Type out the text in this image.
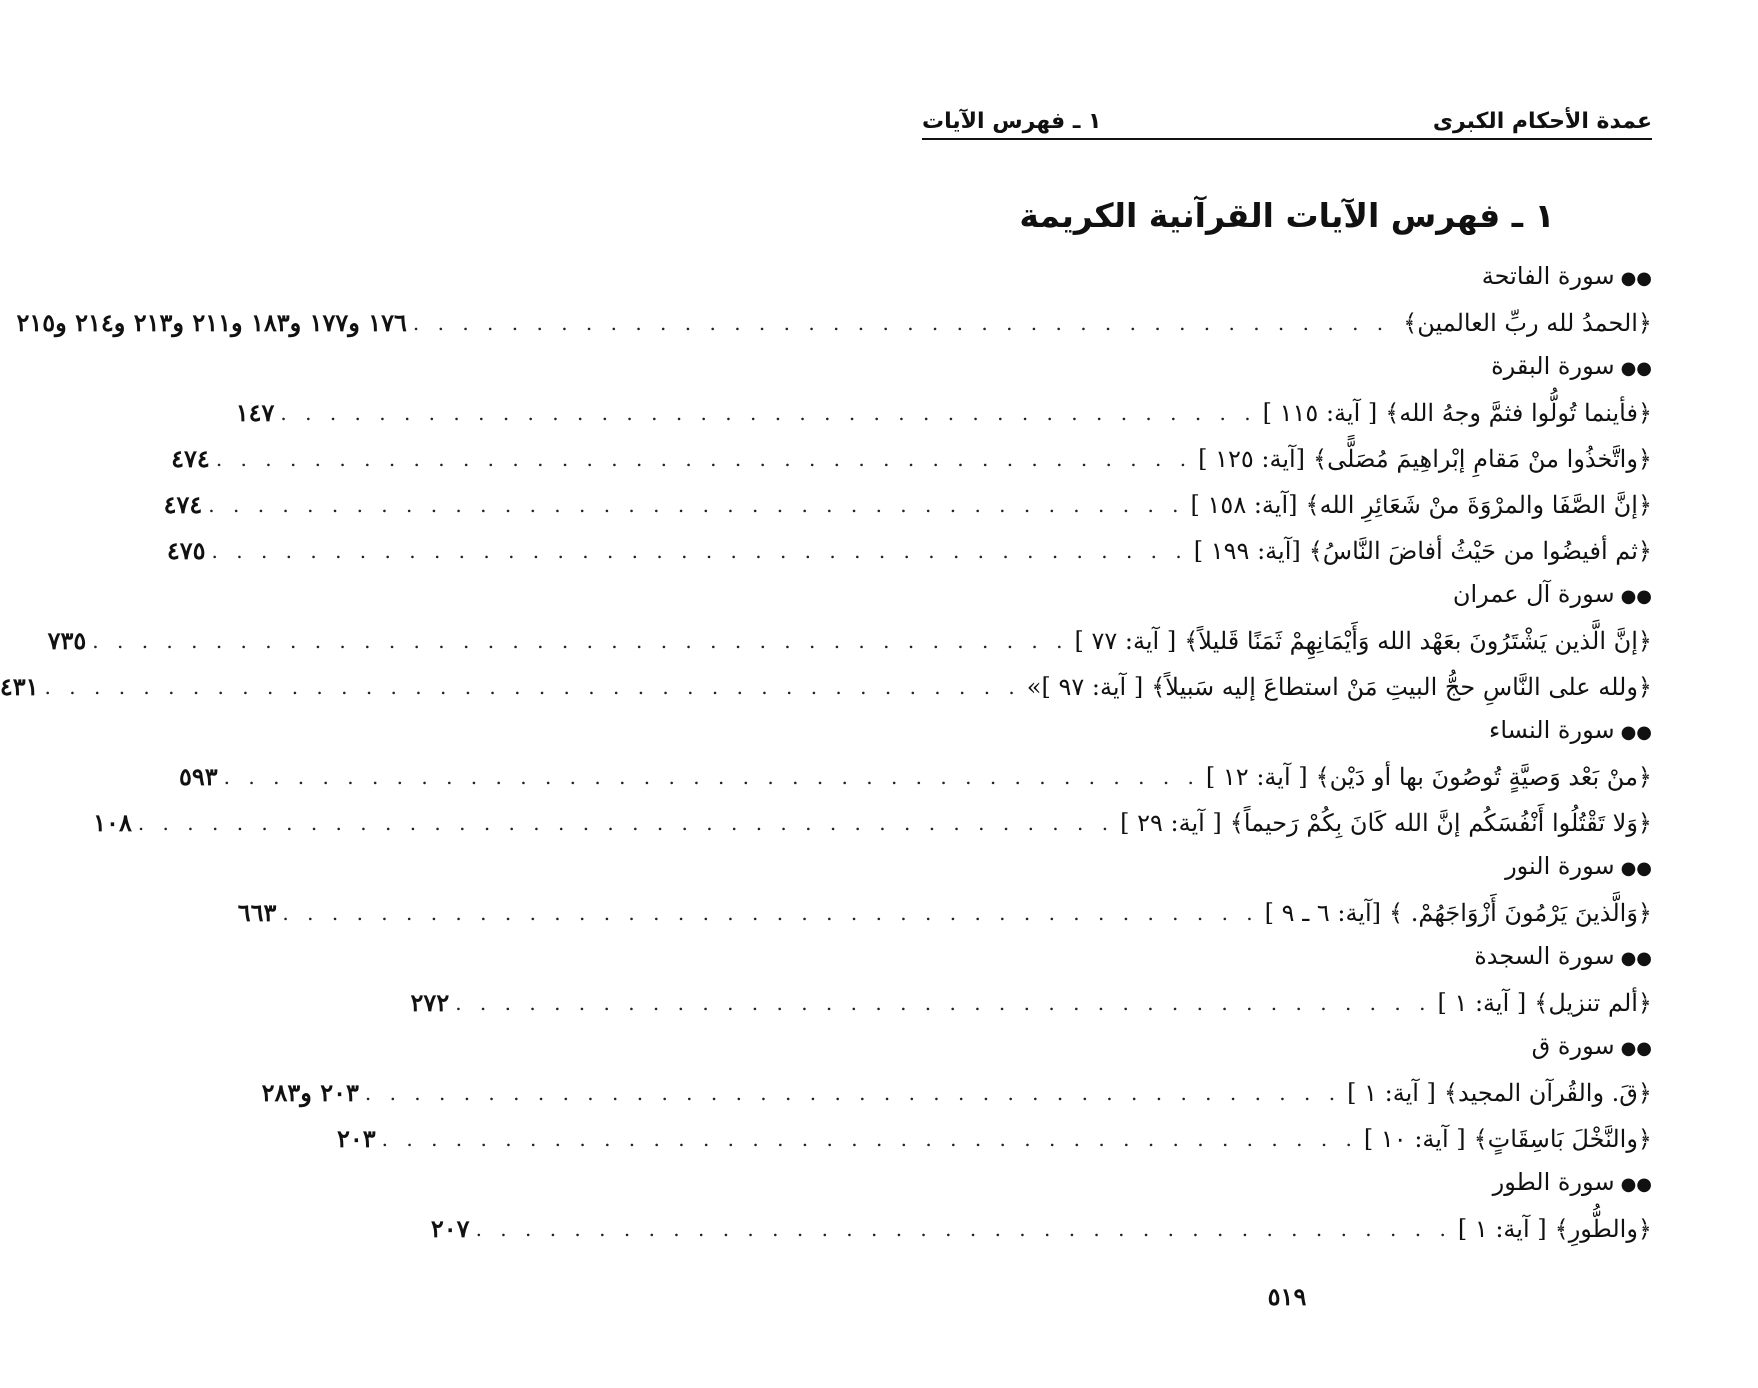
عمدة الأحكام الكبرى
١ ـ فهرس الآيات
١ ـ فهرس الآيات القرآنية الكريمة
●●سورة الفاتحة
﴿الحمدُ لله ربِّ العالمين﴾
. . . . . . . . . . . . . . . . . . . . . . . . . . . . . . . . . . . . . . . .
١٧٦ و١٧٧ و١٨٣ و٢١١ و٢١٣ و٢١٤ و٢١٥
●●سورة البقرة
﴿فأينما تُولُّوا فثمَّ وجهُ الله﴾
[ آية: ١١٥ ]
. . . . . . . . . . . . . . . . . . . . . . . . . . . . . . . . . . . . . . . .
١٤٧
﴿واتَّخذُوا منْ مَقامِ إبْراهِيمَ مُصَلًّى﴾
[آية: ١٢٥ ]
. . . . . . . . . . . . . . . . . . . . . . . . . . . . . . . . . . . . . . . .
٤٧٤
﴿إنَّ الصَّفَا والمرْوَةَ منْ شَعَائِرِ الله﴾
[آية: ١٥٨ ]
. . . . . . . . . . . . . . . . . . . . . . . . . . . . . . . . . . . . . . . .
٤٧٤
﴿ثم أفيضُوا من حَيْثُ أفاضَ النَّاسُ﴾
[آية: ١٩٩ ]
. . . . . . . . . . . . . . . . . . . . . . . . . . . . . . . . . . . . . . . .
٤٧٥
●●سورة آل عمران
﴿إنَّ الَّذين يَشْتَرُونَ بعَهْد الله وَأَيْمَانِهِمْ ثَمَنًا قَليلاً﴾
[ آية: ٧٧ ]
. . . . . . . . . . . . . . . . . . . . . . . . . . . . . . . . . . . . . . . .
٧٣٥
﴿ولله على النَّاسِ حجُّ البيتِ مَنْ استطاعَ إليه سَبيلاً﴾
[ آية: ٩٧ ]»
. . . . . . . . . . . . . . . . . . . . . . . . . . . . . . . . . . . . . . . .
٤٣١
●●سورة النساء
﴿منْ بَعْد وَصيَّةٍ تُوصُونَ بها أو دَيْن﴾
[ آية: ١٢ ]
. . . . . . . . . . . . . . . . . . . . . . . . . . . . . . . . . . . . . . . .
٥٩٣
﴿وَلا تَقْتُلُوا أَنْفُسَكُم إنَّ الله كَانَ بِكُمْ رَحيماً﴾
[ آية: ٢٩ ]
. . . . . . . . . . . . . . . . . . . . . . . . . . . . . . . . . . . . . . . .
١٠٨
●●سورة النور
﴿وَالَّذينَ يَرْمُونَ أَزْوَاجَهُمْ. ﴾
[آية: ٦ ـ ٩ ]
. . . . . . . . . . . . . . . . . . . . . . . . . . . . . . . . . . . . . . . .
٦٦٣
●●سورة السجدة
﴿ألم تنزيل﴾
[ آية: ١ ]
. . . . . . . . . . . . . . . . . . . . . . . . . . . . . . . . . . . . . . . .
٢٧٢
●●سورة ق
﴿قَ. والقُرآن المجيد﴾
[ آية: ١ ]
. . . . . . . . . . . . . . . . . . . . . . . . . . . . . . . . . . . . . . . .
٢٠٣ و٢٨٣
﴿والنَّخْلَ بَاسِقَاتٍ﴾
[ آية: ١٠ ]
. . . . . . . . . . . . . . . . . . . . . . . . . . . . . . . . . . . . . . . .
٢٠٣
●●سورة الطور
﴿والطُّورِ﴾
[ آية: ١ ]
. . . . . . . . . . . . . . . . . . . . . . . . . . . . . . . . . . . . . . . .
٢٠٧
٥١٩
